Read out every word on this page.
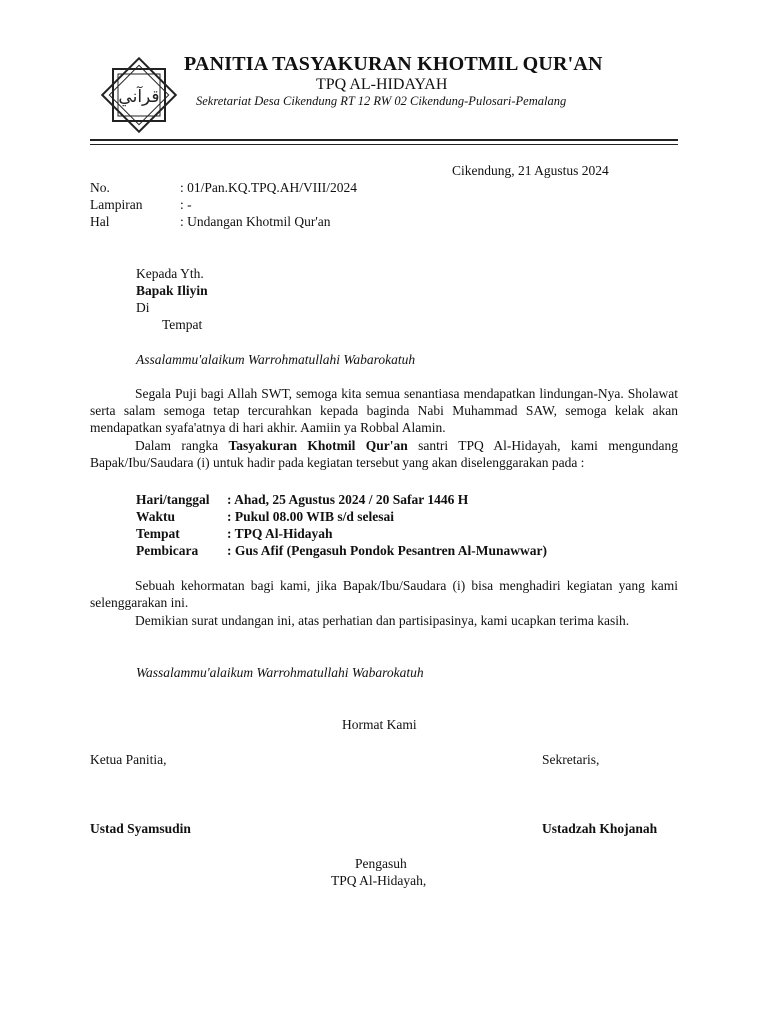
قرآني
PANITIA TASYAKURAN KHOTMIL QUR'AN
TPQ AL-HIDAYAH
Sekretariat Desa Cikendung RT 12 RW 02 Cikendung-Pulosari-Pemalang
Cikendung, 21 Agustus 2024
No.	: 01/Pan.KQ.TPQ.AH/VIII/2024
Lampiran	: -
Hal	: Undangan Khotmil Qur'an
Kepada Yth.
Bapak Iliyin
Di
Tempat
Assalammu'alaikum Warrohmatullahi Wabarokatuh
Segala Puji bagi Allah SWT, semoga kita semua senantiasa mendapatkan lindungan-Nya. Sholawat serta salam semoga tetap tercurahkan kepada baginda Nabi Muhammad SAW, semoga kelak akan mendapatkan syafa'atnya di hari akhir. Aamiin ya Robbal Alamin.
Dalam rangka Tasyakuran Khotmil Qur'an santri TPQ Al-Hidayah, kami mengundang Bapak/Ibu/Saudara (i) untuk hadir pada kegiatan tersebut yang akan diselenggarakan pada :
Hari/tanggal : Ahad, 25 Agustus 2024 / 20 Safar 1446 H
Waktu	: Pukul 08.00 WIB s/d selesai
Tempat	: TPQ Al-Hidayah
Pembicara : Gus Afif (Pengasuh Pondok Pesantren Al-Munawwar)
Sebuah kehormatan bagi kami, jika Bapak/Ibu/Saudara (i) bisa menghadiri kegiatan yang kami selenggarakan ini.
Demikian surat undangan ini, atas perhatian dan partisipasinya, kami ucapkan terima kasih.
Wassalammu'alaikum Warrohmatullahi Wabarokatuh
Hormat Kami
Ketua Panitia,	Sekretaris,
Ustad Syamsudin	Ustadzah Khojanah
Pengasuh
TPQ Al-Hidayah,
